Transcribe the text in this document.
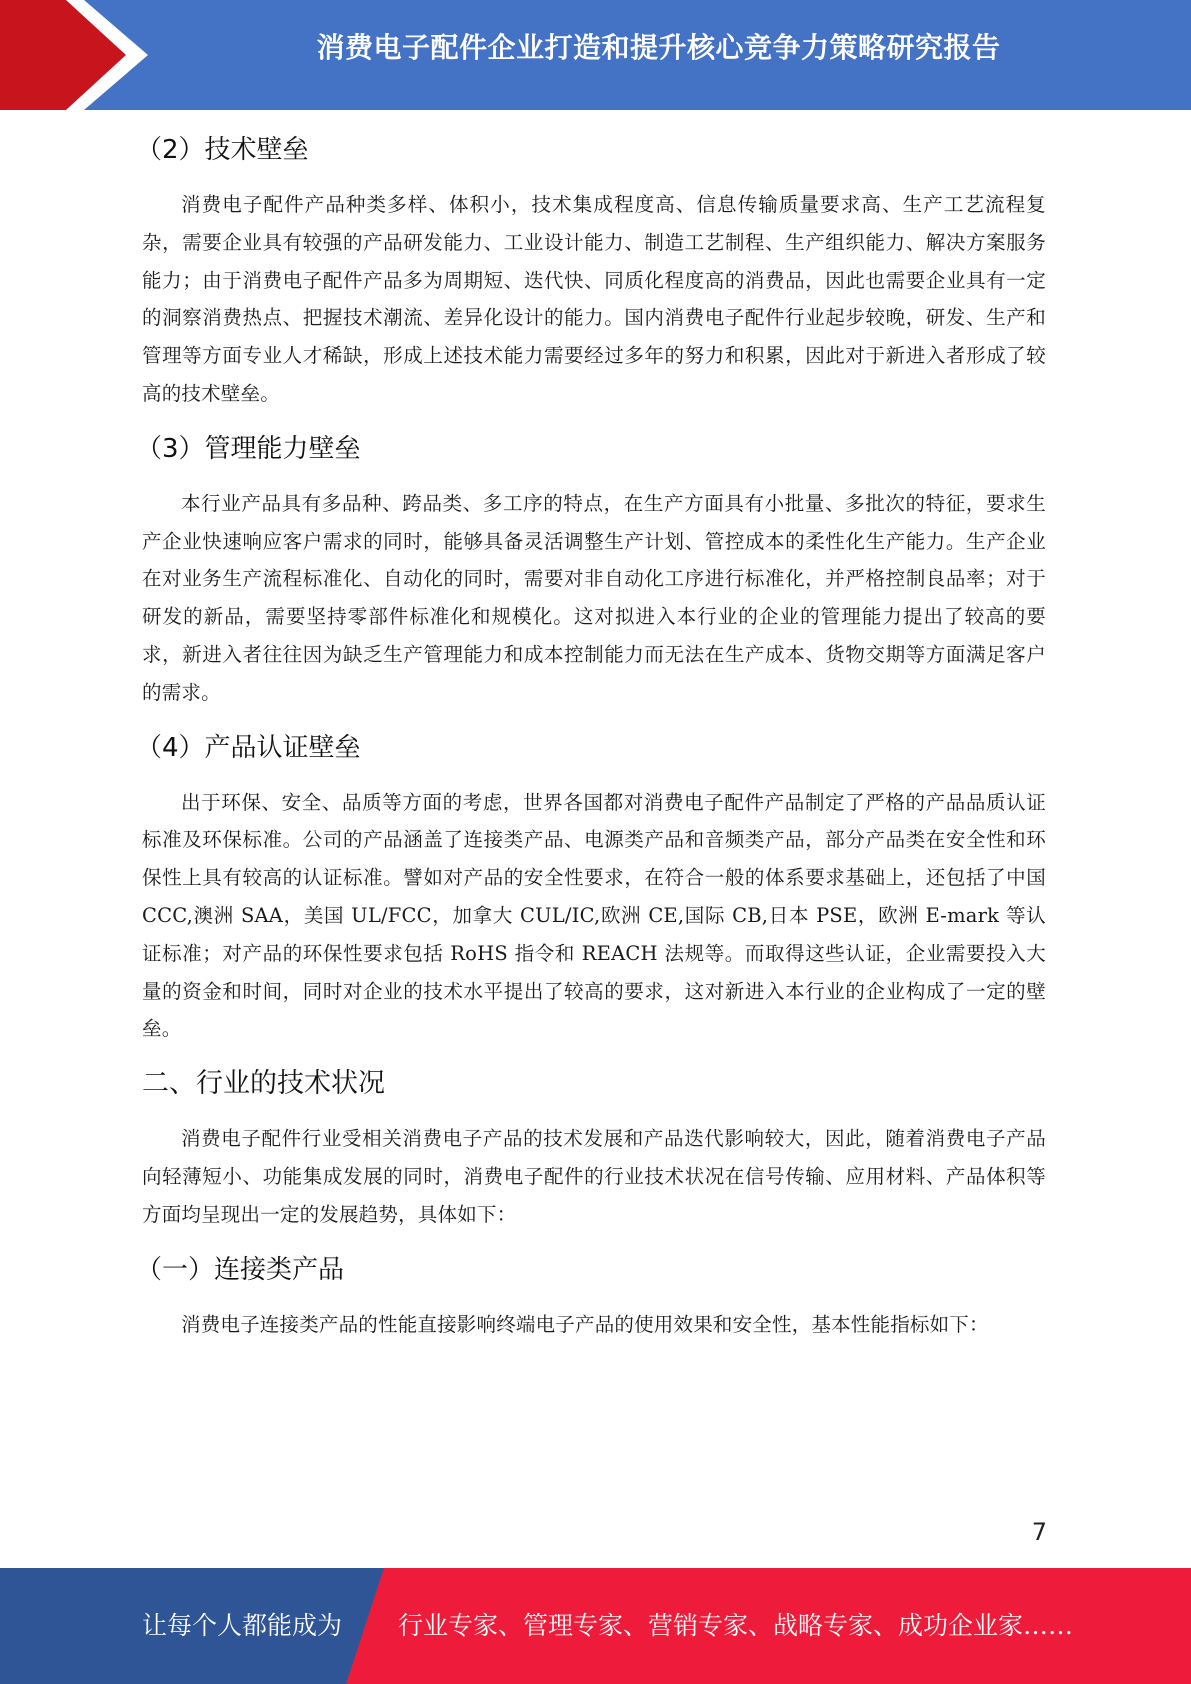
消费电子配件企业打造和提升核心竞争力策略研究报告
（2）技术壁垒

消费电子配件产品种类多样、体积小，技术集成程度高、信息传输质量要求高、生产工艺流程复杂，需要企业具有较强的产品研发能力、工业设计能力、制造工艺制程、生产组织能力、解决方案服务能力；由于消费电子配件产品多为周期短、迭代快、同质化程度高的消费品，因此也需要企业具有一定的洞察消费热点、把握技术潮流、差异化设计的能力。国内消费电子配件行业起步较晚，研发、生产和管理等方面专业人才稀缺，形成上述技术能力需要经过多年的努力和积累，因此对于新进入者形成了较高的技术壁垒。

（3）管理能力壁垒

本行业产品具有多品种、跨品类、多工序的特点，在生产方面具有小批量、多批次的特征，要求生产企业快速响应客户需求的同时，能够具备灵活调整生产计划、管控成本的柔性化生产能力。生产企业在对业务生产流程标准化、自动化的同时，需要对非自动化工序进行标准化，并严格控制良品率；对于研发的新品，需要坚持零部件标准化和规模化。这对拟进入本行业的企业的管理能力提出了较高的要求，新进入者往往因为缺乏生产管理能力和成本控制能力而无法在生产成本、货物交期等方面满足客户的需求。

（4）产品认证壁垒

出于环保、安全、品质等方面的考虑，世界各国都对消费电子配件产品制定了严格的产品品质认证标准及环保标准。公司的产品涵盖了连接类产品、电源类产品和音频类产品，部分产品类在安全性和环保性上具有较高的认证标准。譬如对产品的安全性要求，在符合一般的体系要求基础上，还包括了中国 CCC,澳洲 SAA，美国 UL/FCC，加拿大 CUL/IC,欧洲 CE,国际 CB,日本 PSE，欧洲 E-mark 等认证标准；对产品的环保性要求包括 RoHS 指令和 REACH 法规等。而取得这些认证，企业需要投入大量的资金和时间，同时对企业的技术水平提出了较高的要求，这对新进入本行业的企业构成了一定的壁垒。

二、行业的技术状况

消费电子配件行业受相关消费电子产品的技术发展和产品迭代影响较大，因此，随着消费电子产品向轻薄短小、功能集成发展的同时，消费电子配件的行业技术状况在信号传输、应用材料、产品体积等方面均呈现出一定的发展趋势，具体如下：

（一）连接类产品

消费电子连接类产品的性能直接影响终端电子产品的使用效果和安全性，基本性能指标如下：

7
让每个人都能成为 行业专家、管理专家、营销专家、战略专家、成功企业家……
